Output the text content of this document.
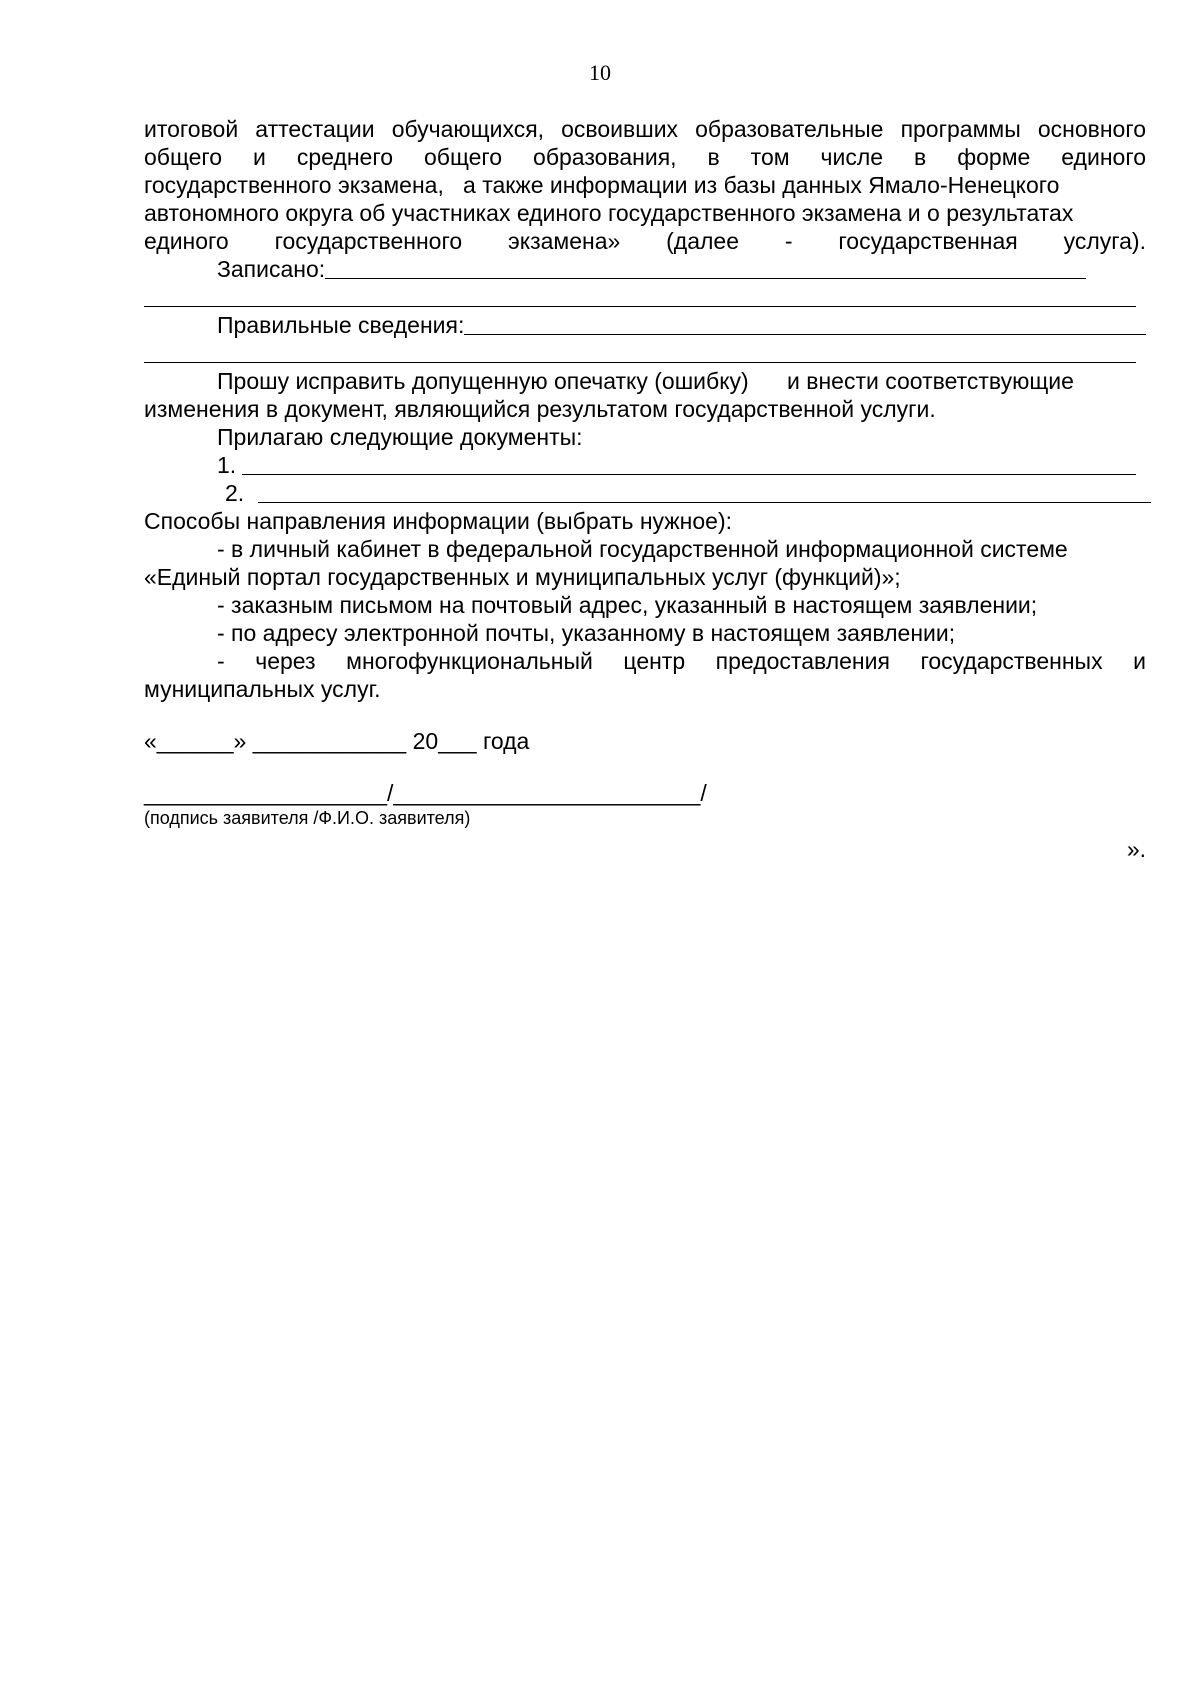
10

итоговой аттестации обучающихся, освоивших образовательные программы основного

общего и среднего общего образования, в том числе в форме единого

государственного экзамена,   а также информации из базы данных Ямало-Ненецкого

автономного округа об участниках единого государственного экзамена и о результатах

единого государственного экзамена» (далее - государственная услуга).

Записано:
Правильные сведения:

Прошу исправить допущенную опечатку (ошибку)      и внести соответствующие

изменения в документ, являющийся результатом государственной услуги.

Прилагаю следующие документы:

1.
2.

Способы направления информации (выбрать нужное):

- в личный кабинет в федеральной государственной информационной системе

«Единый портал государственных и муниципальных услуг (функций)»;

- заказным письмом на почтовый адрес, указанный в настоящем заявлении;

- по адресу электронной почты, указанному в настоящем заявлении;

- через многофункциональный центр предоставления государственных и

муниципальных услуг.

«______» ____________ 20___ года

___________________/________________________/

(подпись заявителя /Ф.И.О. заявителя)

».
